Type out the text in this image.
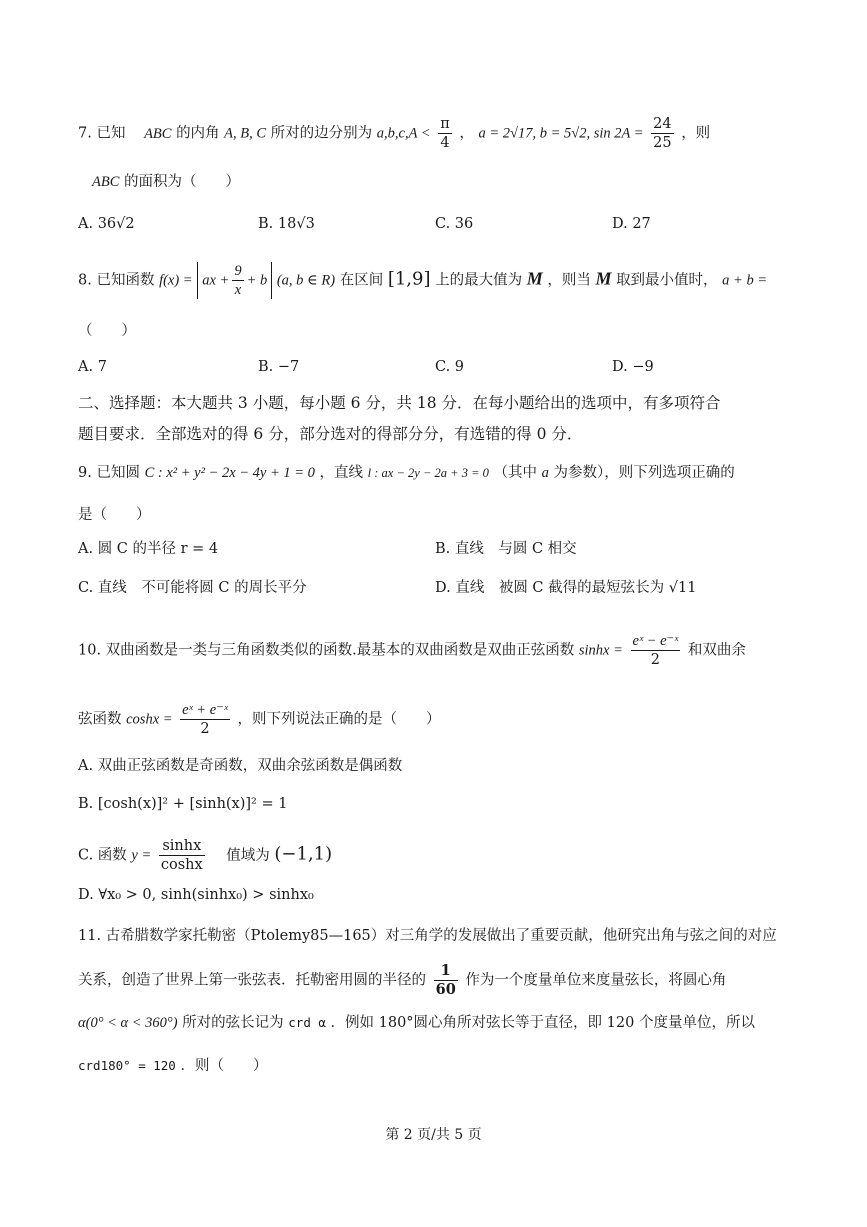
7. 已知 ABC 的内角 A, B, C 所对的边分别为 $a,b,c,A < \frac{\pi}{4}$ ， a = 2√17, b = 5√2, $\sin 2A = \frac{24}{25}$ ，则
ABC 的面积为（　　）
A. 36√2	B. 18√3	C. 36	D. 27
8. 已知函数 f(x) = ax + $\frac{9}{x} + b$ (a, b ∈ R) 在区间 [1,9] 上的最大值为 M ，则当 M 取到最小值时， a + b =
（　　）
A. 7	B. −7	C. 9	D. −9
二、选择题：本大题共 3 小题，每小题 6 分，共 18 分．在每小题给出的选项中，有多项符合
题目要求．全部选对的得 6 分，部分选对的得部分分，有选错的得 0 分．
9. 已知圆 C : x² + y² − 2x − 4y + 1 = 0 ，直线 l : ax − 2y − 2a + 3 = 0 （其中 a 为参数），则下列选项正确的
是（　　）
A. 圆 C 的半径 r = 4	B. 直线　与圆 C 相交
C. 直线　不可能将圆 C 的周长平分	D. 直线　被圆 C 截得的最短弦长为 √11
10. 双曲函数是一类与三角函数类似的函数.最基本的双曲函数是双曲正弦函数 $\sinh x = \frac{\text{eˣ − e⁻ˣ}}{2}$ 和双曲余
弦函数 $\cosh x = \frac{\text{eˣ + e⁻ˣ}}{2}$ ，则下列说法正确的是（　　）
A. 双曲正弦函数是奇函数，双曲余弦函数是偶函数
B. [cosh(x)]² + [sinh(x)]² = 1
C. 函数 $y = \frac{\sinh x}{\cosh x}$ 值域为 (−1,1)
D. ∀x₀ > 0, sinh(sinhx₀) > sinhx₀
11. 古希腊数学家托勒密（Ptolemy85—165）对三角学的发展做出了重要贡献，他研究出角与弦之间的对应
关系，创造了世界上第一张弦表．托勒密用圆的半径的 $\frac{1}{60}$ 作为一个度量单位来度量弦长，将圆心角
α(0° < α < 360°) 所对的弦长记为 crd α ．例如 180°圆心角所对弦长等于直径，即 120 个度量单位，所以
crd180° = 120 ．则（　　）
第 2 页/共 5 页
